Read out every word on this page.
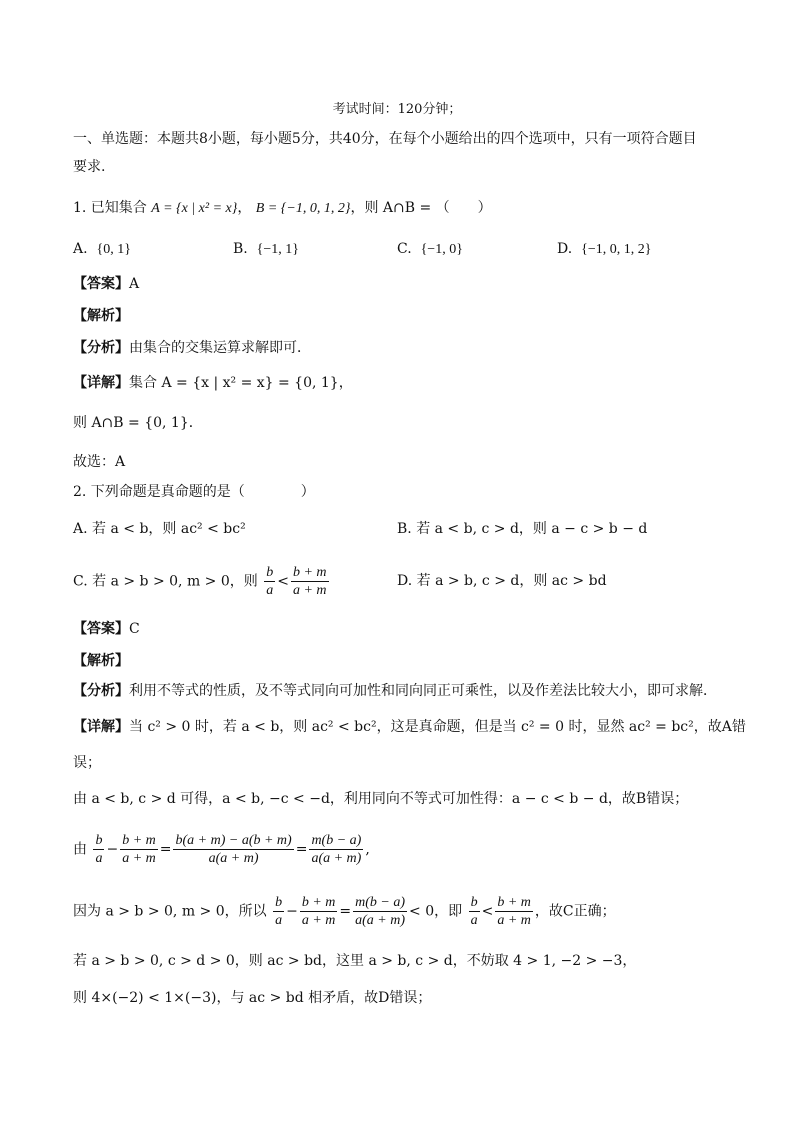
考试时间：120分钟；
一、单选题：本题共8小题，每小题5分，共40分，在每个小题给出的四个选项中，只有一项符合题目
要求.
1. 已知集合 A = {x | x² = x}， B = {−1, 0, 1, 2}，则 A∩B = （　　）
A. {0, 1}	B. {−1, 1}	C. {−1, 0}	D. {−1, 0, 1, 2}
【答案】A
【解析】
【分析】由集合的交集运算求解即可．
【详解】集合 A = {x | x² = x} = {0, 1}，
则 A∩B = {0, 1}．
故选：A
2. 下列命题是真命题的是（　　　　）
A. 若 a < b，则 ac² < bc²	B. 若 a < b, c > d，则 a − c > b − d
C. 若 a > b > 0, m > 0，则 $\frac{b}{a} < \frac{b + m}{a + m}$	D. 若 a > b, c > d，则 ac > bd
【答案】C
【解析】
【分析】利用不等式的性质，及不等式同向可加性和同向同正可乘性，以及作差法比较大小，即可求解．
【详解】当 c² > 0 时，若 a < b，则 ac² < bc²，这是真命题，但是当 c² = 0 时，显然 ac² = bc²，故A错
误；
由 a < b, c > d 可得，a < b, −c < −d，利用同向不等式可加性得：a − c < b − d，故B错误；
由 $\frac{b}{a} - \frac{b + m}{a + m} = \frac{b(a + m) - a(b + m)}{a(a + m)} = \frac{m(b - a)}{a(a + m)}$ ,
因为 a > b > 0, m > 0，所以 $\frac{b}{a} - \frac{b + m}{a + m} = \frac{m(b - a)}{a(a + m)} < 0$，即 $\frac{b}{a} < \frac{b + m}{a + m}$ ，故C正确；
若 a > b > 0, c > d > 0，则 ac > bd，这里 a > b, c > d，不妨取 4 > 1, −2 > −3，
则 4×(−2) < 1×(−3)，与 ac > bd 相矛盾，故D错误；
